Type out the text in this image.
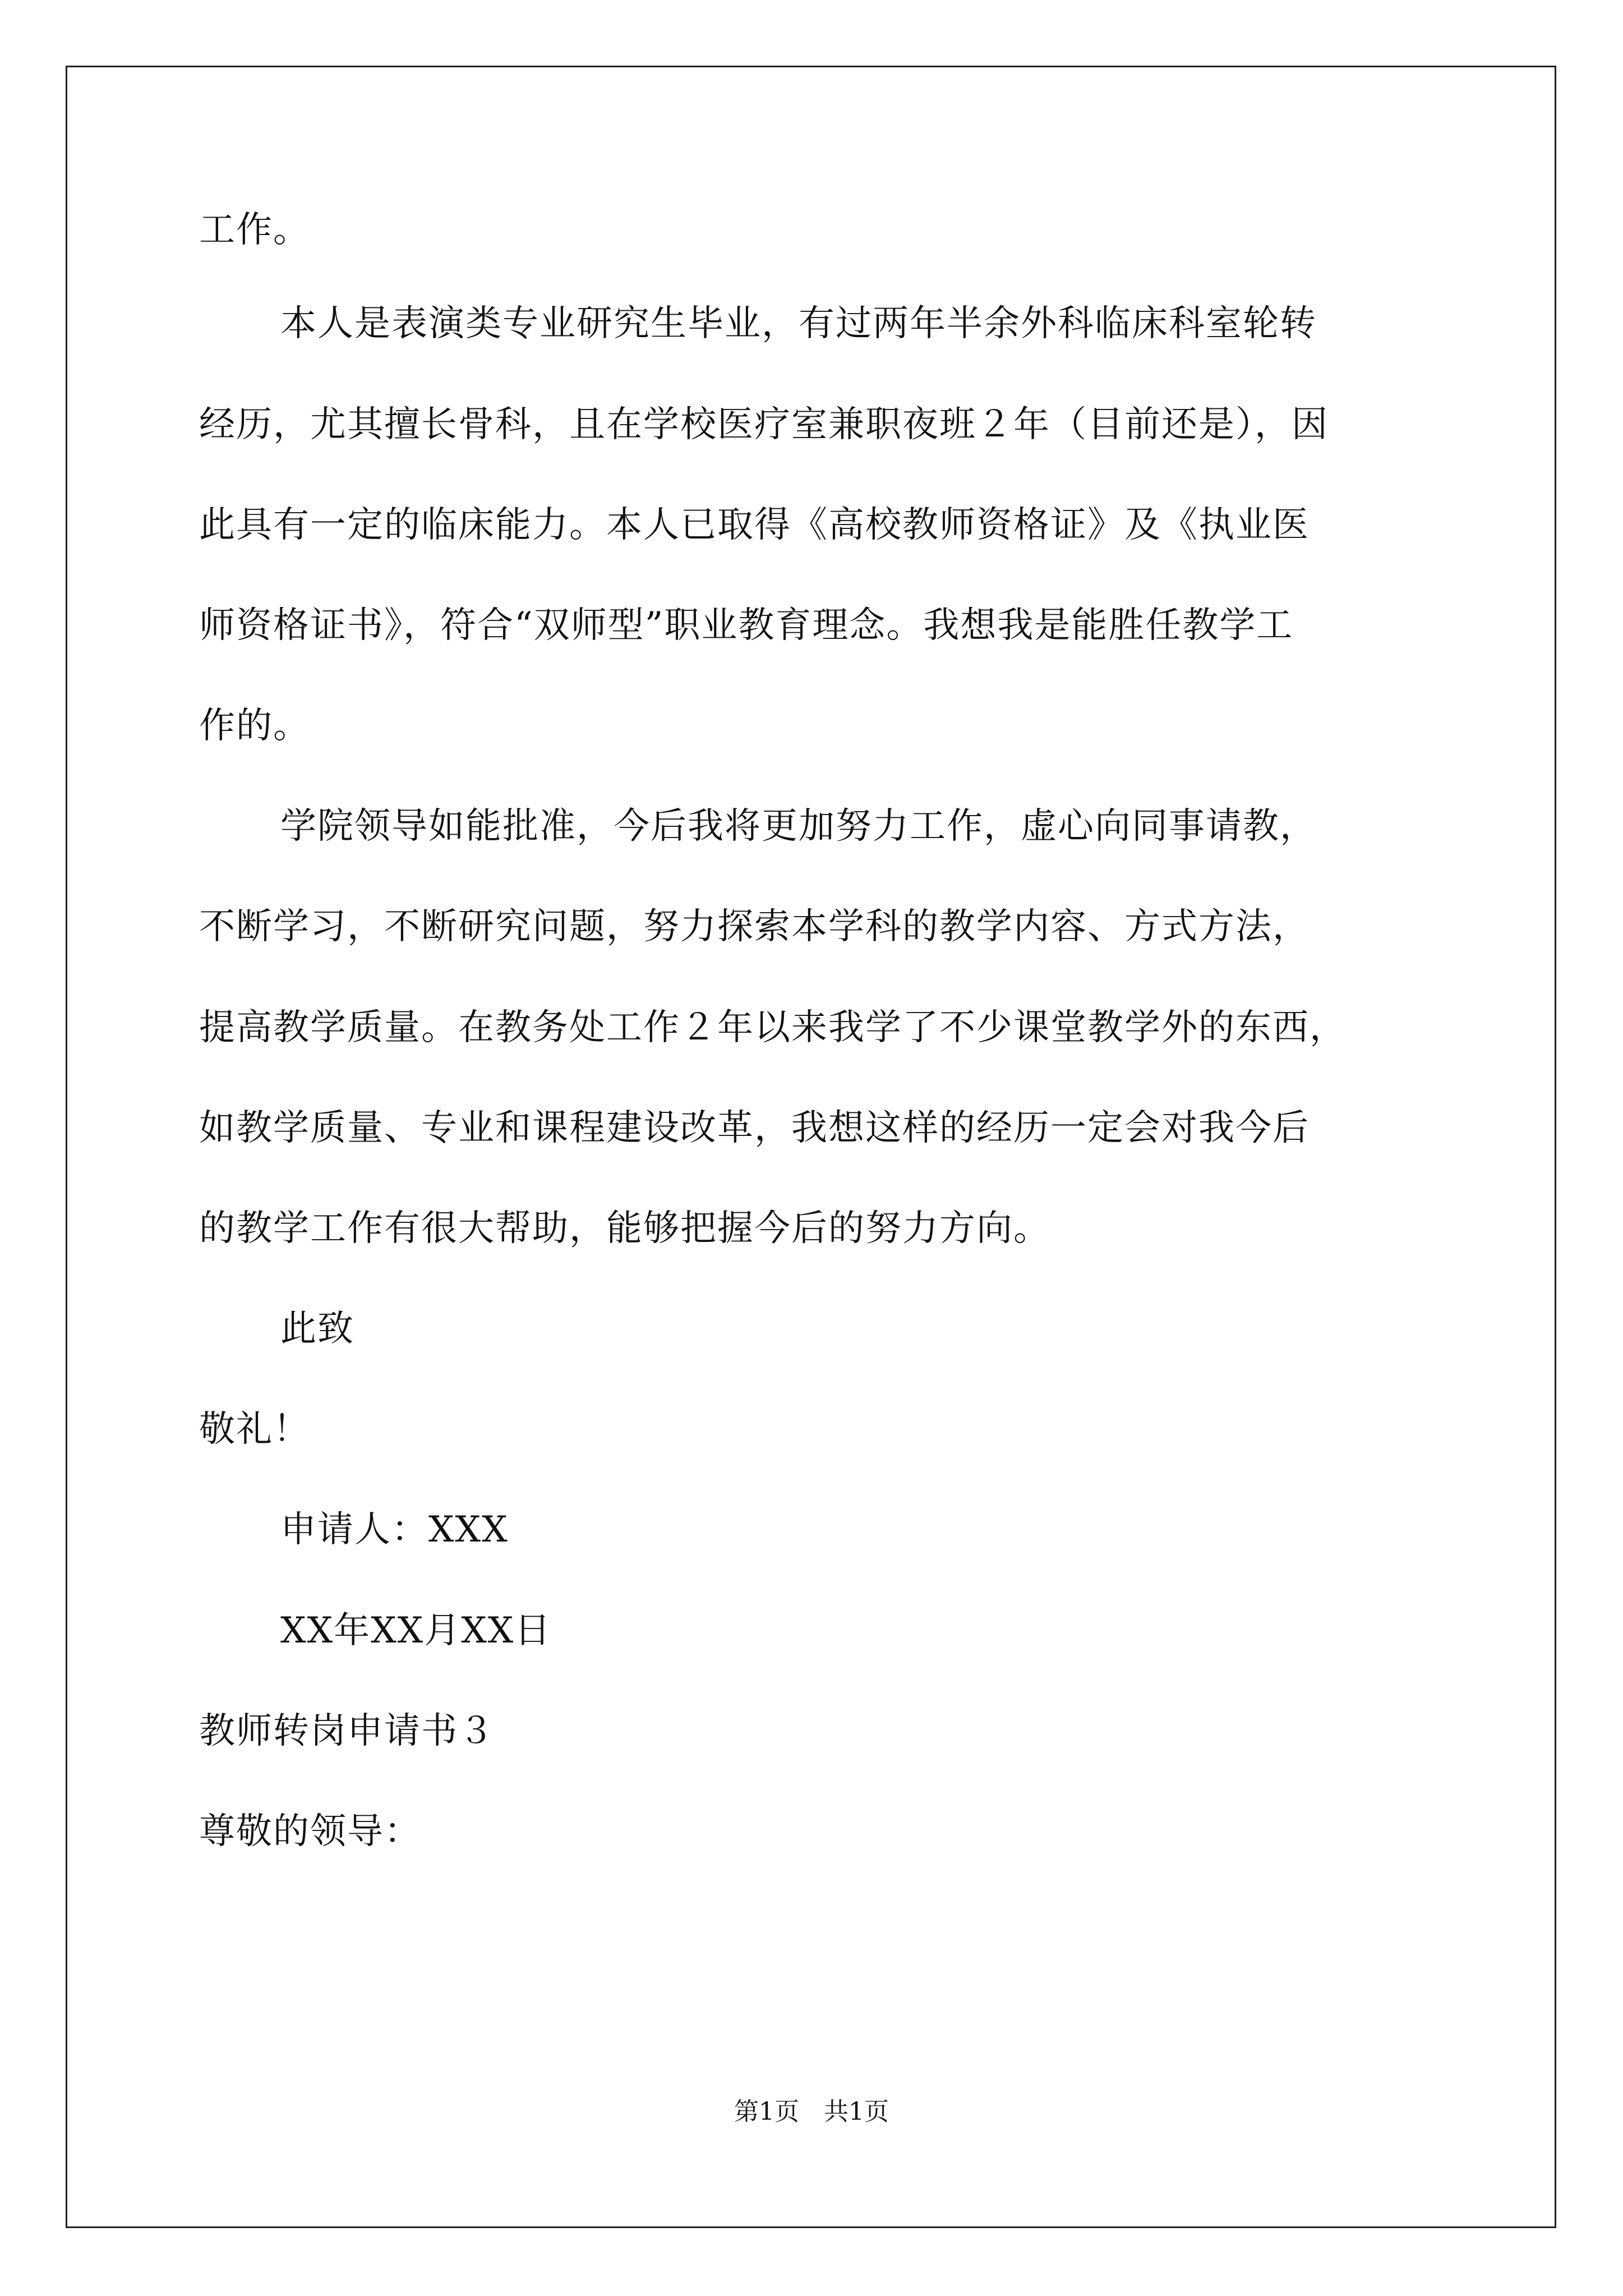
工作。
本人是表演类专业研究生毕业，有过两年半余外科临床科室轮转
经历，尤其擅长骨科，且在学校医疗室兼职夜班２年（目前还是），因
此具有一定的临床能力。本人已取得《高校教师资格证》及《执业医
师资格证书》，符合“双师型”职业教育理念。我想我是能胜任教学工
作的。
学院领导如能批准，今后我将更加努力工作，虚心向同事请教，
不断学习，不断研究问题，努力探索本学科的教学内容、方式方法，
提高教学质量。在教务处工作２年以来我学了不少课堂教学外的东西，
如教学质量、专业和课程建设改革，我想这样的经历一定会对我今后
的教学工作有很大帮助，能够把握今后的努力方向。
此致
敬礼！
申请人：XXX
XX年XX月XX日
教师转岗申请书３
尊敬的领导：
第1页　共1页
